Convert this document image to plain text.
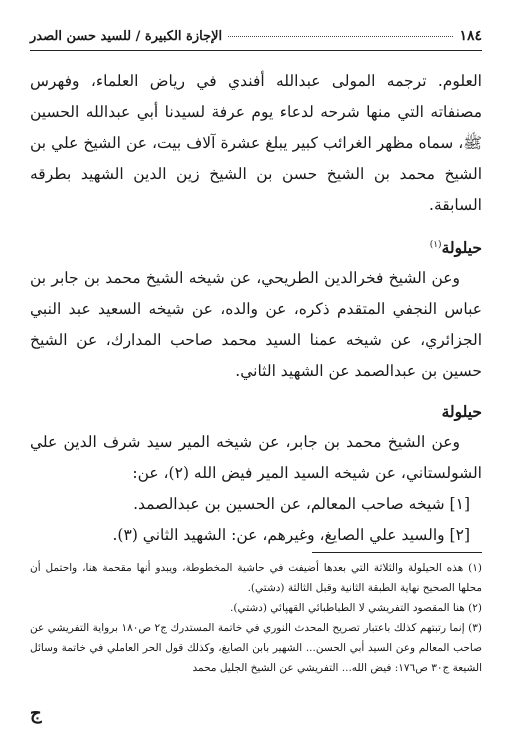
١٨٤
الإجازة الكبيرة / للسيد حسن الصدر

العلوم. ترجمه المولى عبدالله أفندي في رياض العلماء، وفهرس مصنفاته التي منها شرحه لدعاء يوم عرفة لسيدنا أبي عبدالله الحسين ﷺ، سماه مظهر الغرائب كبير يبلغ عشرة آلاف بيت، عن الشيخ علي بن الشيخ محمد بن الشيخ حسن بن الشيخ زين الدين الشهيد بطرقه السابقة.

حيلولة$^{(١)}$

وعن الشيخ فخرالدين الطريحي، عن شيخه الشيخ محمد بن جابر بن عباس النجفي المتقدم ذكره، عن والده، عن شيخه السعيد عبد النبي الجزائري، عن شيخه عمنا السيد محمد صاحب المدارك، عن الشيخ حسين بن عبدالصمد عن الشهيد الثاني.

حيلولة

وعن الشيخ محمد بن جابر، عن شيخه المير سيد شرف الدين علي الشولستاني، عن شيخه السيد المير فيض الله (٢)، عن:

[١] شيخه صاحب المعالم، عن الحسين بن عبدالصمد.

[٢] والسيد علي الصايغ، وغيرهم، عن: الشهيد الثاني (٣).

(١) هذه الحيلولة والثلاثة التي بعدها أضيفت في حاشية المخطوطة، ويبدو أنها مقحمة هنا، واحتمل أن محلها الصحيح نهاية الطبقة الثانية وقبل الثالثة (دشتي).

(٢) هنا المقصود التفريشي لا الطباطبائي القهپائي (دشتي).

(٣) إنما رتبتهم كذلك باعتبار تصريح المحدث النوري في خاتمة المستدرك ج٢ ص١٨٠ برواية التفريشي عن صاحب المعالم وعن السيد أبي الحسن... الشهير بابن الصايغ، وكذلك قول الحر العاملي في خاتمة وسائل الشيعة ج٣٠ ص١٧٦: فيض الله... التفريشي عن الشيخ الجليل محمد

ج
